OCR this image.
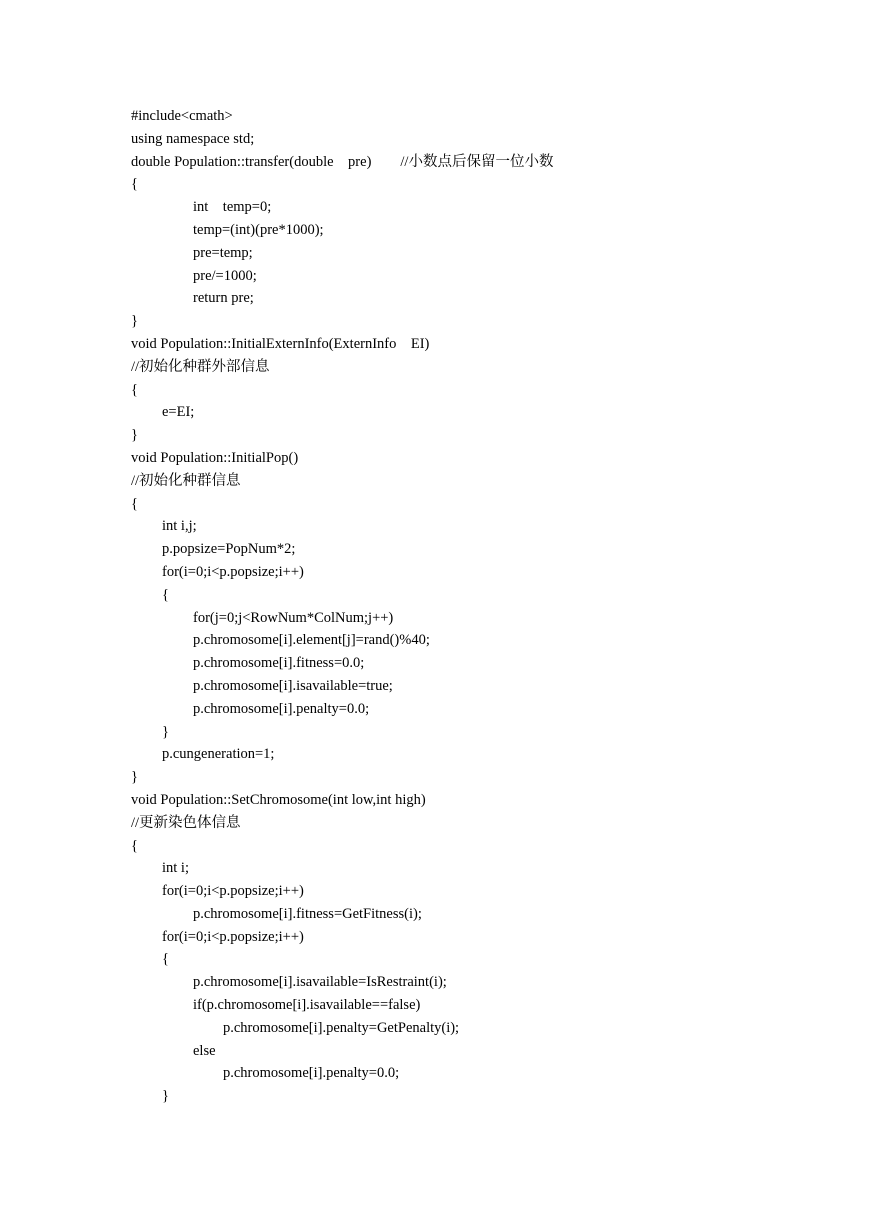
#include<cmath>
using namespace std;
double Population::transfer(double    pre)        //小数点后保留一位小数
{
int    temp=0;
temp=(int)(pre*1000);
pre=temp;
pre/=1000;
return pre;
}
void Population::InitialExternInfo(ExternInfo    EI)
//初始化种群外部信息
{
e=EI;
}
void Population::InitialPop()
//初始化种群信息
{
int i,j;
p.popsize=PopNum*2;
for(i=0;i<p.popsize;i++)
{
for(j=0;j<RowNum*ColNum;j++)
p.chromosome[i].element[j]=rand()%40;
p.chromosome[i].fitness=0.0;
p.chromosome[i].isavailable=true;
p.chromosome[i].penalty=0.0;
}
p.cungeneration=1;
}
void Population::SetChromosome(int low,int high)
//更新染色体信息
{
int i;
for(i=0;i<p.popsize;i++)
p.chromosome[i].fitness=GetFitness(i);
for(i=0;i<p.popsize;i++)
{
p.chromosome[i].isavailable=IsRestraint(i);
if(p.chromosome[i].isavailable==false)
p.chromosome[i].penalty=GetPenalty(i);
else
p.chromosome[i].penalty=0.0;
}
